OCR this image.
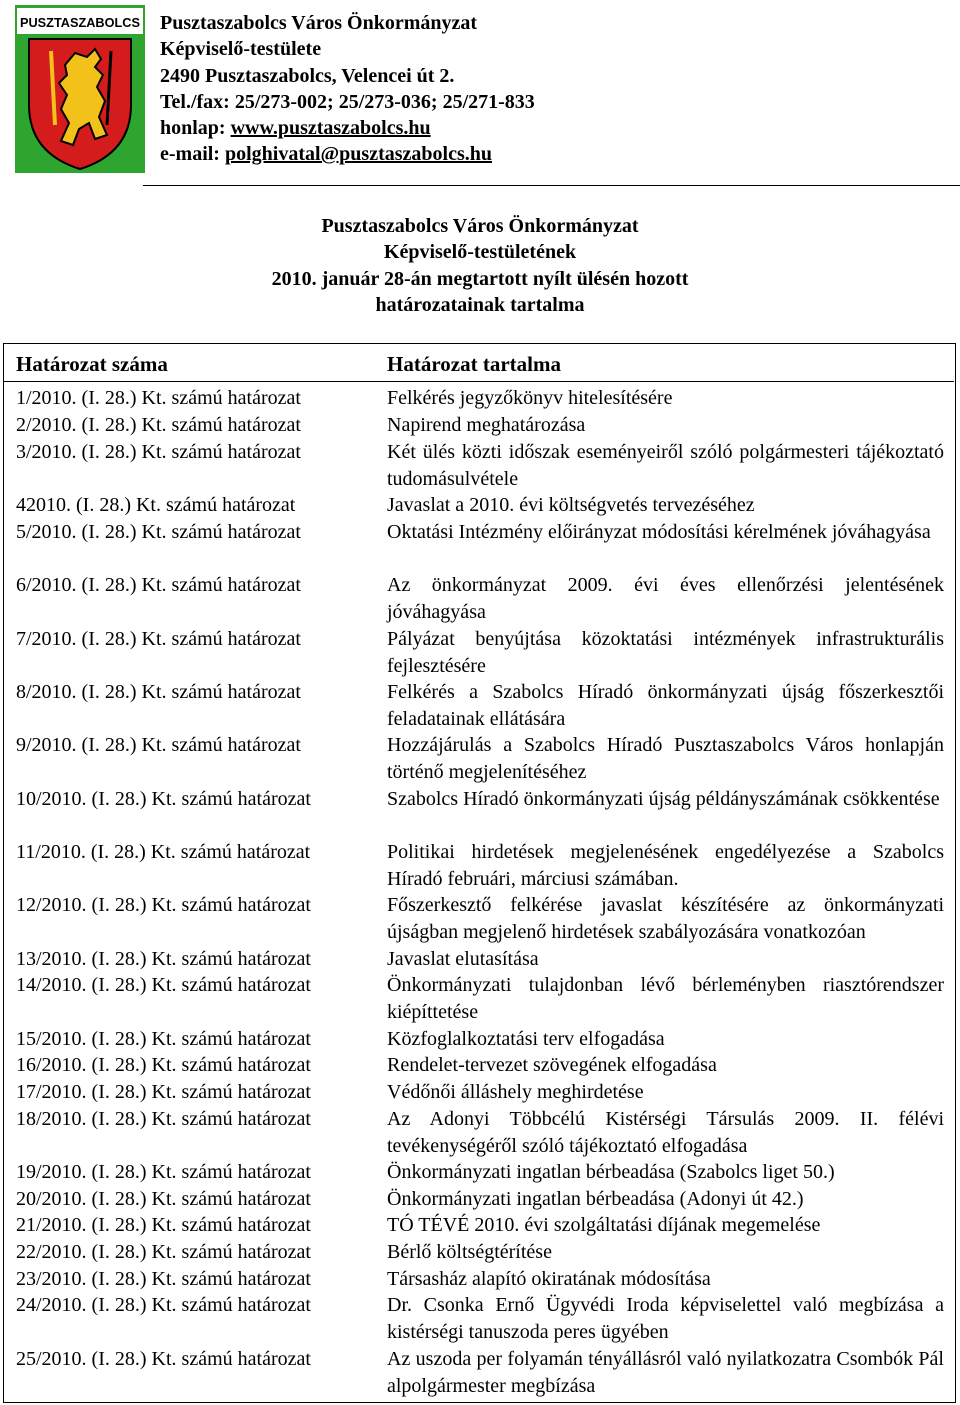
PUSZTASZABOLCS Pusztaszabolcs Város Önkormányzat
Képviselő-testülete
2490 Pusztaszabolcs, Velencei út 2.
Tel./fax: 25/273-002; 25/273-036; 25/271-833
honlap: www.pusztaszabolcs.hu
e-mail: polghivatal@pusztaszabolcs.hu
Pusztaszabolcs Város Önkormányzat
Képviselő-testületének
2010. január 28-án megtartott nyílt ülésén hozott
határozatainak tartalma
Határozat száma	Határozat tartalma
1/2010. (I. 28.) Kt. számú határozat	Felkérés jegyzőkönyv hitelesítésére
2/2010. (I. 28.) Kt. számú határozat	Napirend meghatározása
3/2010. (I. 28.) Kt. számú határozat	Két ülés közti időszak eseményeiről szóló polgármesteri tájékoztató tudomásulvétele
42010. (I. 28.) Kt. számú határozat	Javaslat a 2010. évi költségvetés tervezéséhez
5/2010. (I. 28.) Kt. számú határozat	Oktatási Intézmény előirányzat módosítási kérelmének jóváhagyása
6/2010. (I. 28.) Kt. számú határozat	Az önkormányzat 2009. évi éves ellenőrzési jelentésének jóváhagyása
7/2010. (I. 28.) Kt. számú határozat	Pályázat benyújtása közoktatási intézmények infrastrukturális fejlesztésére
8/2010. (I. 28.) Kt. számú határozat	Felkérés a Szabolcs Híradó önkormányzati újság főszerkesztői feladatainak ellátására
9/2010. (I. 28.) Kt. számú határozat	Hozzájárulás a Szabolcs Híradó Pusztaszabolcs Város honlapján történő megjelenítéséhez
10/2010. (I. 28.) Kt. számú határozat	Szabolcs Híradó önkormányzati újság példányszámának csökkentése
11/2010. (I. 28.) Kt. számú határozat	Politikai hirdetések megjelenésének engedélyezése a Szabolcs Híradó februári, márciusi számában.
12/2010. (I. 28.) Kt. számú határozat	Főszerkesztő felkérése javaslat készítésére az önkormányzati újságban megjelenő hirdetések szabályozására vonatkozóan
13/2010. (I. 28.) Kt. számú határozat	Javaslat elutasítása
14/2010. (I. 28.) Kt. számú határozat	Önkormányzati tulajdonban lévő bérleményben riasztórendszer kiépíttetése
15/2010. (I. 28.) Kt. számú határozat	Közfoglalkoztatási terv elfogadása
16/2010. (I. 28.) Kt. számú határozat	Rendelet-tervezet szövegének elfogadása
17/2010. (I. 28.) Kt. számú határozat	Védőnői álláshely meghirdetése
18/2010. (I. 28.) Kt. számú határozat	Az Adonyi Többcélú Kistérségi Társulás 2009. II. félévi tevékenységéről szóló tájékoztató elfogadása
19/2010. (I. 28.) Kt. számú határozat	Önkormányzati ingatlan bérbeadása (Szabolcs liget 50.)
20/2010. (I. 28.) Kt. számú határozat	Önkormányzati ingatlan bérbeadása (Adonyi út 42.)
21/2010. (I. 28.) Kt. számú határozat	TÓ TÉVÉ 2010. évi szolgáltatási díjának megemelése
22/2010. (I. 28.) Kt. számú határozat	Bérlő költségtérítése
23/2010. (I. 28.) Kt. számú határozat	Társasház alapító okiratának módosítása
24/2010. (I. 28.) Kt. számú határozat	Dr. Csonka Ernő Ügyvédi Iroda képviselettel való megbízása a kistérségi tanuszoda peres ügyében
25/2010. (I. 28.) Kt. számú határozat	Az uszoda per folyamán tényállásról való nyilatkozatra Csombók Pál alpolgármester megbízása
